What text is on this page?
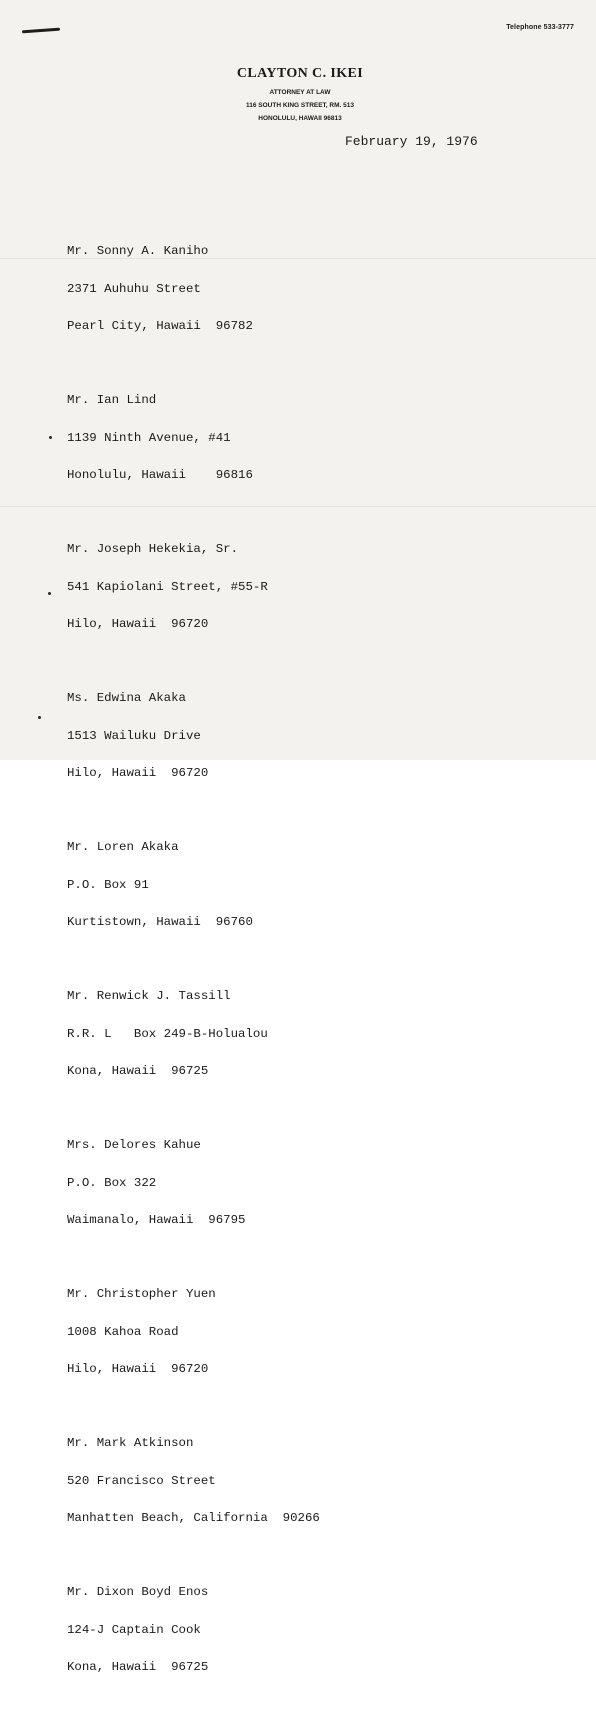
Telephone 533-3777
CLAYTON C. IKEI
ATTORNEY AT LAW
116 SOUTH KING STREET, RM. 513
HONOLULU, HAWAII 96813
February 19, 1976

Mr. Sonny A. Kaniho

2371 Auhuhu Street

Pearl City, Hawaii  96782

Mr. Ian Lind

1139 Ninth Avenue, #41

Honolulu, Hawaii    96816

Mr. Joseph Hekekia, Sr.

541 Kapiolani Street, #55-R

Hilo, Hawaii  96720

Ms. Edwina Akaka

1513 Wailuku Drive

Hilo, Hawaii  96720

Mr. Loren Akaka

P.O. Box 91

Kurtistown, Hawaii  96760

Mr. Renwick J. Tassill

R.R. L   Box 249-B-Holualou

Kona, Hawaii  96725

Mrs. Delores Kahue

P.O. Box 322

Waimanalo, Hawaii  96795

Mr. Christopher Yuen

1008 Kahoa Road

Hilo, Hawaii  96720

Mr. Mark Atkinson

520 Francisco Street

Manhatten Beach, California  90266

Mr. Dixon Boyd Enos

124-J Captain Cook

Kona, Hawaii  96725
